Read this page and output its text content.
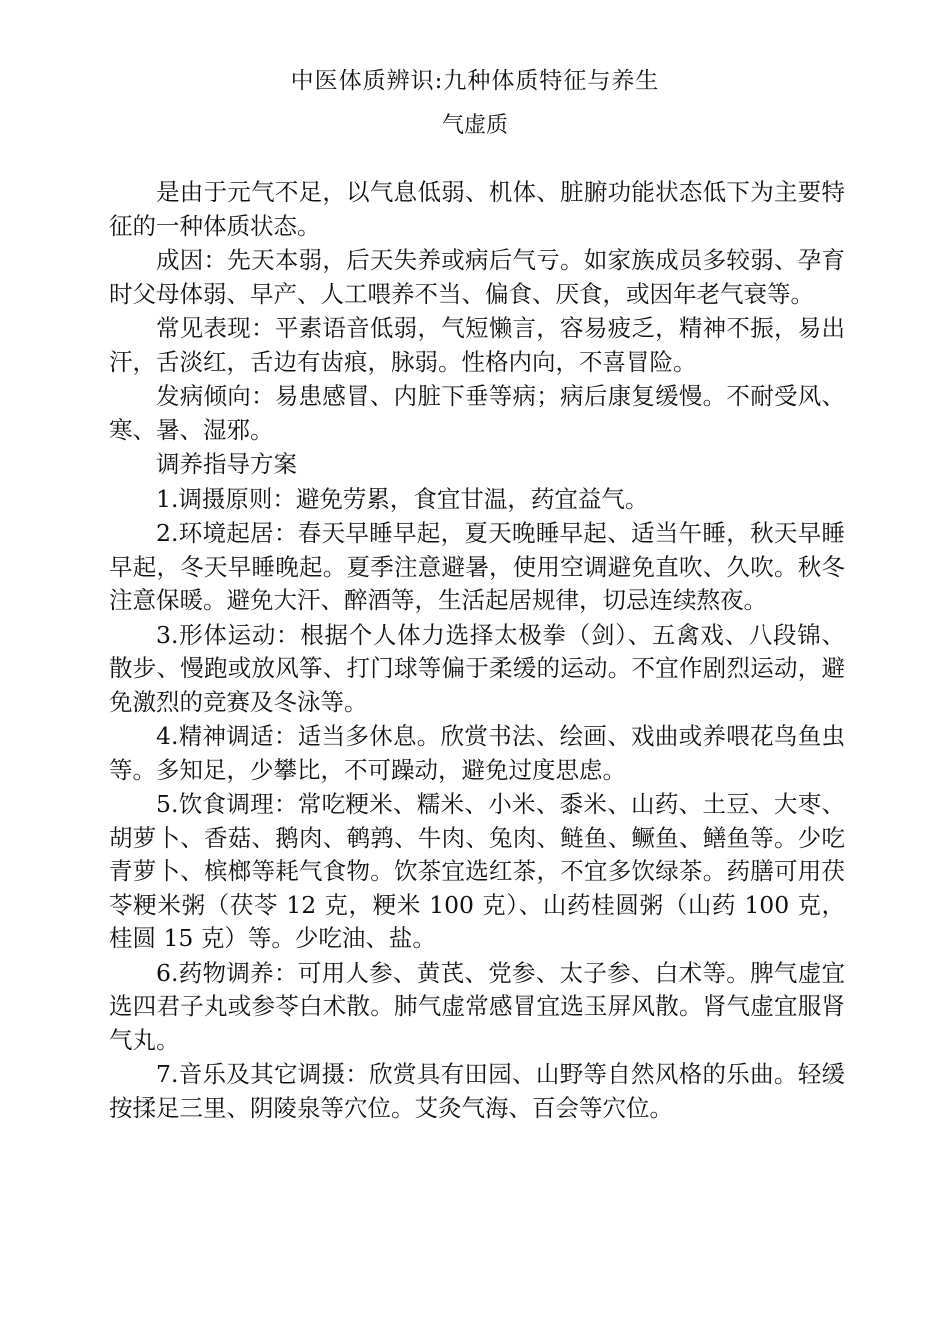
中医体质辨识:九种体质特征与养生
气虚质

是由于元气不足，以气息低弱、机体、脏腑功能状态低下为主要特征的一种体质状态。

成因：先天本弱，后天失养或病后气亏。如家族成员多较弱、孕育时父母体弱、早产、人工喂养不当、偏食、厌食，或因年老气衰等。

常见表现：平素语音低弱，气短懒言，容易疲乏，精神不振，易出汗，舌淡红，舌边有齿痕，脉弱。性格内向，不喜冒险。

发病倾向：易患感冒、内脏下垂等病；病后康复缓慢。不耐受风、寒、暑、湿邪。

调养指导方案

1.调摄原则：避免劳累，食宜甘温，药宜益气。

2.环境起居：春天早睡早起，夏天晚睡早起、适当午睡，秋天早睡早起，冬天早睡晚起。夏季注意避暑，使用空调避免直吹、久吹。秋冬注意保暖。避免大汗、醉酒等，生活起居规律，切忌连续熬夜。

3.形体运动：根据个人体力选择太极拳（剑）、五禽戏、八段锦、散步、慢跑或放风筝、打门球等偏于柔缓的运动。不宜作剧烈运动，避免激烈的竞赛及冬泳等。

4.精神调适：适当多休息。欣赏书法、绘画、戏曲或养喂花鸟鱼虫等。多知足，少攀比，不可躁动，避免过度思虑。

5.饮食调理：常吃粳米、糯米、小米、黍米、山药、土豆、大枣、胡萝卜、香菇、鹅肉、鹌鹑、牛肉、兔肉、鲢鱼、鳜鱼、鳝鱼等。少吃青萝卜、槟榔等耗气食物。饮茶宜选红茶，不宜多饮绿茶。药膳可用茯苓粳米粥（茯苓 12 克，粳米 100 克）、山药桂圆粥（山药 100 克，桂圆 15 克）等。少吃油、盐。

6.药物调养：可用人参、黄芪、党参、太子参、白术等。脾气虚宜选四君子丸或参苓白术散。肺气虚常感冒宜选玉屏风散。肾气虚宜服肾气丸。

7.音乐及其它调摄：欣赏具有田园、山野等自然风格的乐曲。轻缓按揉足三里、阴陵泉等穴位。艾灸气海、百会等穴位。
